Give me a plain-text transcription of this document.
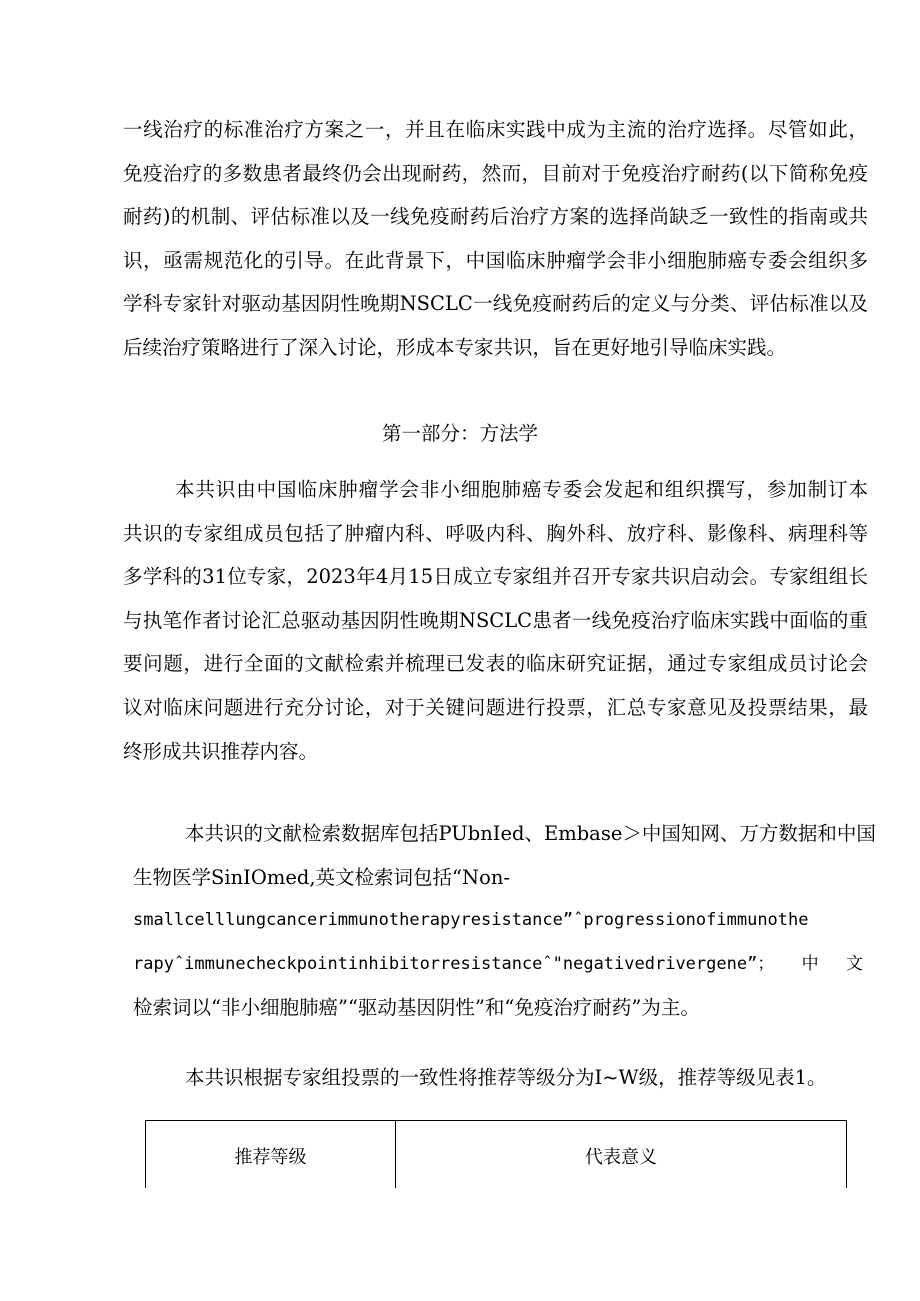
一线治疗的标准治疗方案之一，并且在临床实践中成为主流的治疗选择。尽管如此，
免疫治疗的多数患者最终仍会出现耐药，然而，目前对于免疫治疗耐药(以下简称免疫
耐药)的机制、评估标准以及一线免疫耐药后治疗方案的选择尚缺乏一致性的指南或共
识，亟需规范化的引导。在此背景下，中国临床肿瘤学会非小细胞肺癌专委会组织多
学科专家针对驱动基因阴性晚期NSCLC一线免疫耐药后的定义与分类、评估标准以及
后续治疗策略进行了深入讨论，形成本专家共识，旨在更好地引导临床实践。

第一部分：方法学

本共识由中国临床肿瘤学会非小细胞肺癌专委会发起和组织撰写，参加制订本
共识的专家组成员包括了肿瘤内科、呼吸内科、胸外科、放疗科、影像科、病理科等
多学科的31位专家，2023年4月15日成立专家组并召开专家共识启动会。专家组组长
与执笔作者讨论汇总驱动基因阴性晚期NSCLC患者一线免疫治疗临床实践中面临的重
要问题，进行全面的文献检索并梳理已发表的临床研究证据，通过专家组成员讨论会
议对临床问题进行充分讨论，对于关键问题进行投票，汇总专家意见及投票结果，最
终形成共识推荐内容。
本共识的文献检索数据库包括PUbnIed、Embase＞中国知网、万方数据和中国
生物医学SinIOmed,英文检索词包括“Non-
smallcelllungcancerimmunotherapyresistance”ˆprogressionofimmunothe
rapyˆimmunecheckpointinhibitorresistanceˆ"negativedrivergene”；中文
检索词以“非小细胞肺癌”“驱动基因阴性”和“免疫治疗耐药”为主。
本共识根据专家组投票的一致性将推荐等级分为I~W级，推荐等级见表1。
推荐等级	代表意义
